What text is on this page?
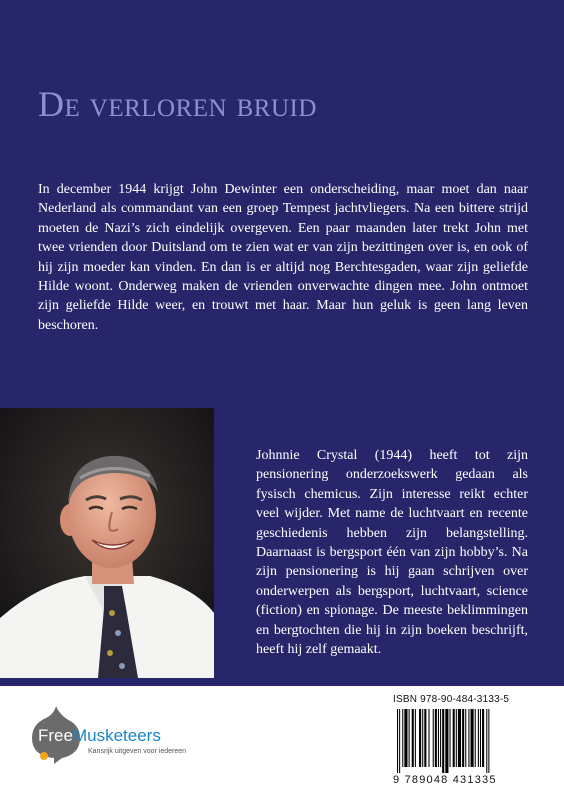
De verloren bruid

In december 1944 krijgt John Dewinter een onderscheiding, maar moet dan naar Nederland als commandant van een groep Tempest jachtvliegers. Na een bittere strijd moeten de Nazi’s zich eindelijk overgeven. Een paar maanden later trekt John met twee vrienden door Duitsland om te zien wat er van zijn bezittingen over is, en ook of hij zijn moeder kan vinden. En dan is er altijd nog Berchtesgaden, waar zijn geliefde Hilde woont. Onderweg maken de vrienden onverwachte dingen mee. John ontmoet zijn geliefde Hilde weer, en trouwt met haar. Maar hun geluk is geen lang leven beschoren.

Johnnie Crystal (1944) heeft tot zijn pensionering onderzoekswerk gedaan als fysisch chemicus. Zijn interesse reikt echter veel wijder. Met name de luchtvaart en recente geschiedenis hebben zijn belangstelling. Daarnaast is bergsport één van zijn hobby’s. Na zijn pensionering is hij gaan schrijven over onderwerpen als bergsport, luchtvaart, science (fiction) en spionage. De meeste beklimmingen en bergtochten die hij in zijn boeken beschrijft, heeft hij zelf gemaakt.

FreeMusketeers
Kansrijk uitgeven voor iedereen
ISBN 978-90-484-3133-5
9 789048 431335
